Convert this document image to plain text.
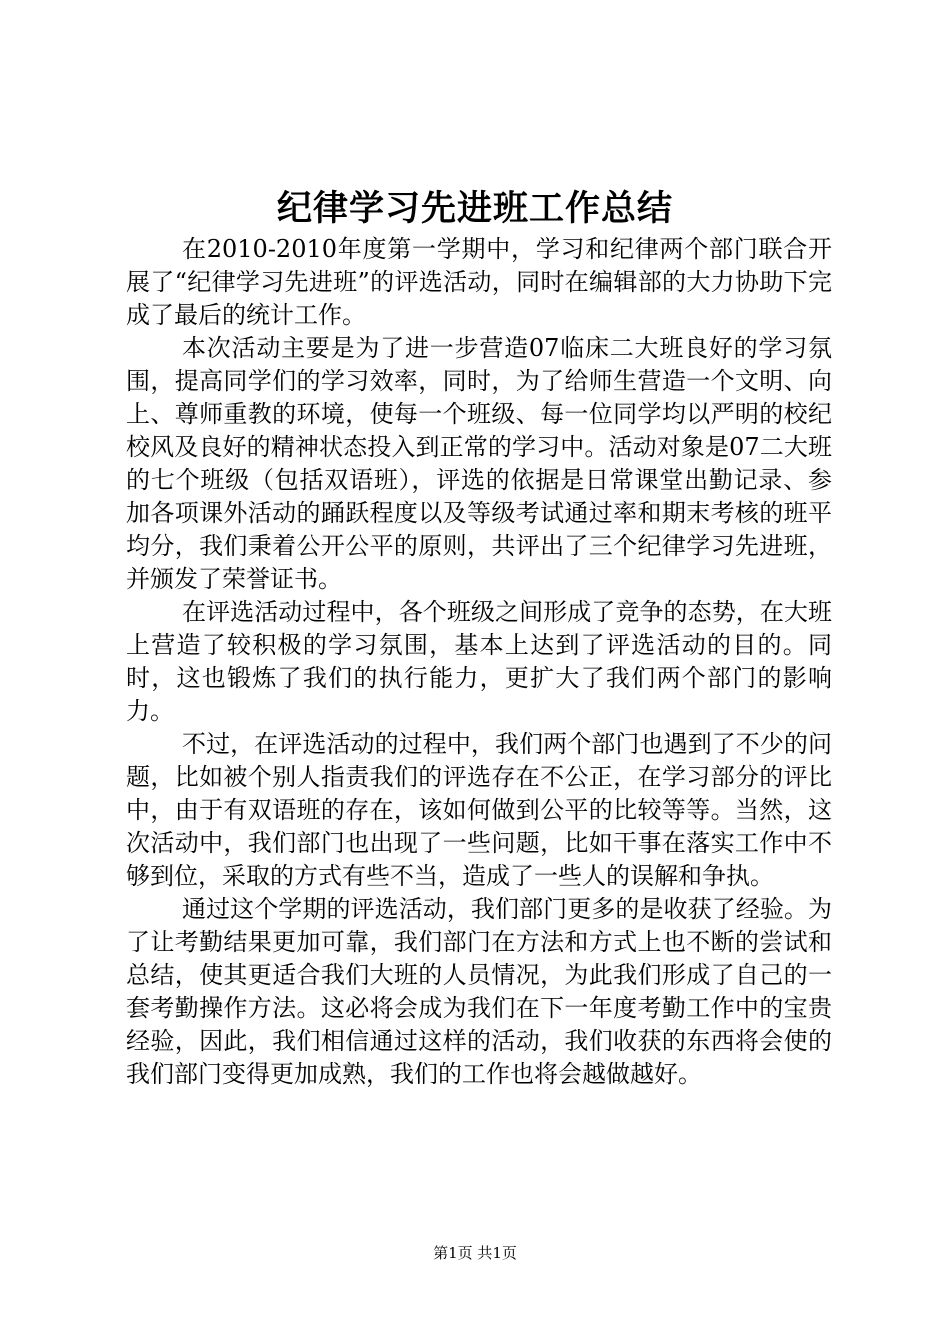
纪律学习先进班工作总结

在2010-2010年度第一学期中，学习和纪律两个部门联合开展了“纪律学习先进班”的评选活动，同时在编辑部的大力协助下完成了最后的统计工作。

本次活动主要是为了进一步营造07临床二大班良好的学习氛围，提高同学们的学习效率，同时，为了给师生营造一个文明、向上、尊师重教的环境，使每一个班级、每一位同学均以严明的校纪校风及良好的精神状态投入到正常的学习中。活动对象是07二大班的七个班级（包括双语班），评选的依据是日常课堂出勤记录、参加各项课外活动的踊跃程度以及等级考试通过率和期末考核的班平均分，我们秉着公开公平的原则，共评出了三个纪律学习先进班，并颁发了荣誉证书。

在评选活动过程中，各个班级之间形成了竞争的态势，在大班上营造了较积极的学习氛围，基本上达到了评选活动的目的。同时，这也锻炼了我们的执行能力，更扩大了我们两个部门的影响力。

不过，在评选活动的过程中，我们两个部门也遇到了不少的问题，比如被个别人指责我们的评选存在不公正，在学习部分的评比中，由于有双语班的存在，该如何做到公平的比较等等。当然，这次活动中，我们部门也出现了一些问题，比如干事在落实工作中不够到位，采取的方式有些不当，造成了一些人的误解和争执。

通过这个学期的评选活动，我们部门更多的是收获了经验。为了让考勤结果更加可靠，我们部门在方法和方式上也不断的尝试和总结，使其更适合我们大班的人员情况，为此我们形成了自己的一套考勤操作方法。这必将会成为我们在下一年度考勤工作中的宝贵经验，因此，我们相信通过这样的活动，我们收获的东西将会使的我们部门变得更加成熟，我们的工作也将会越做越好。

第1页 共1页
